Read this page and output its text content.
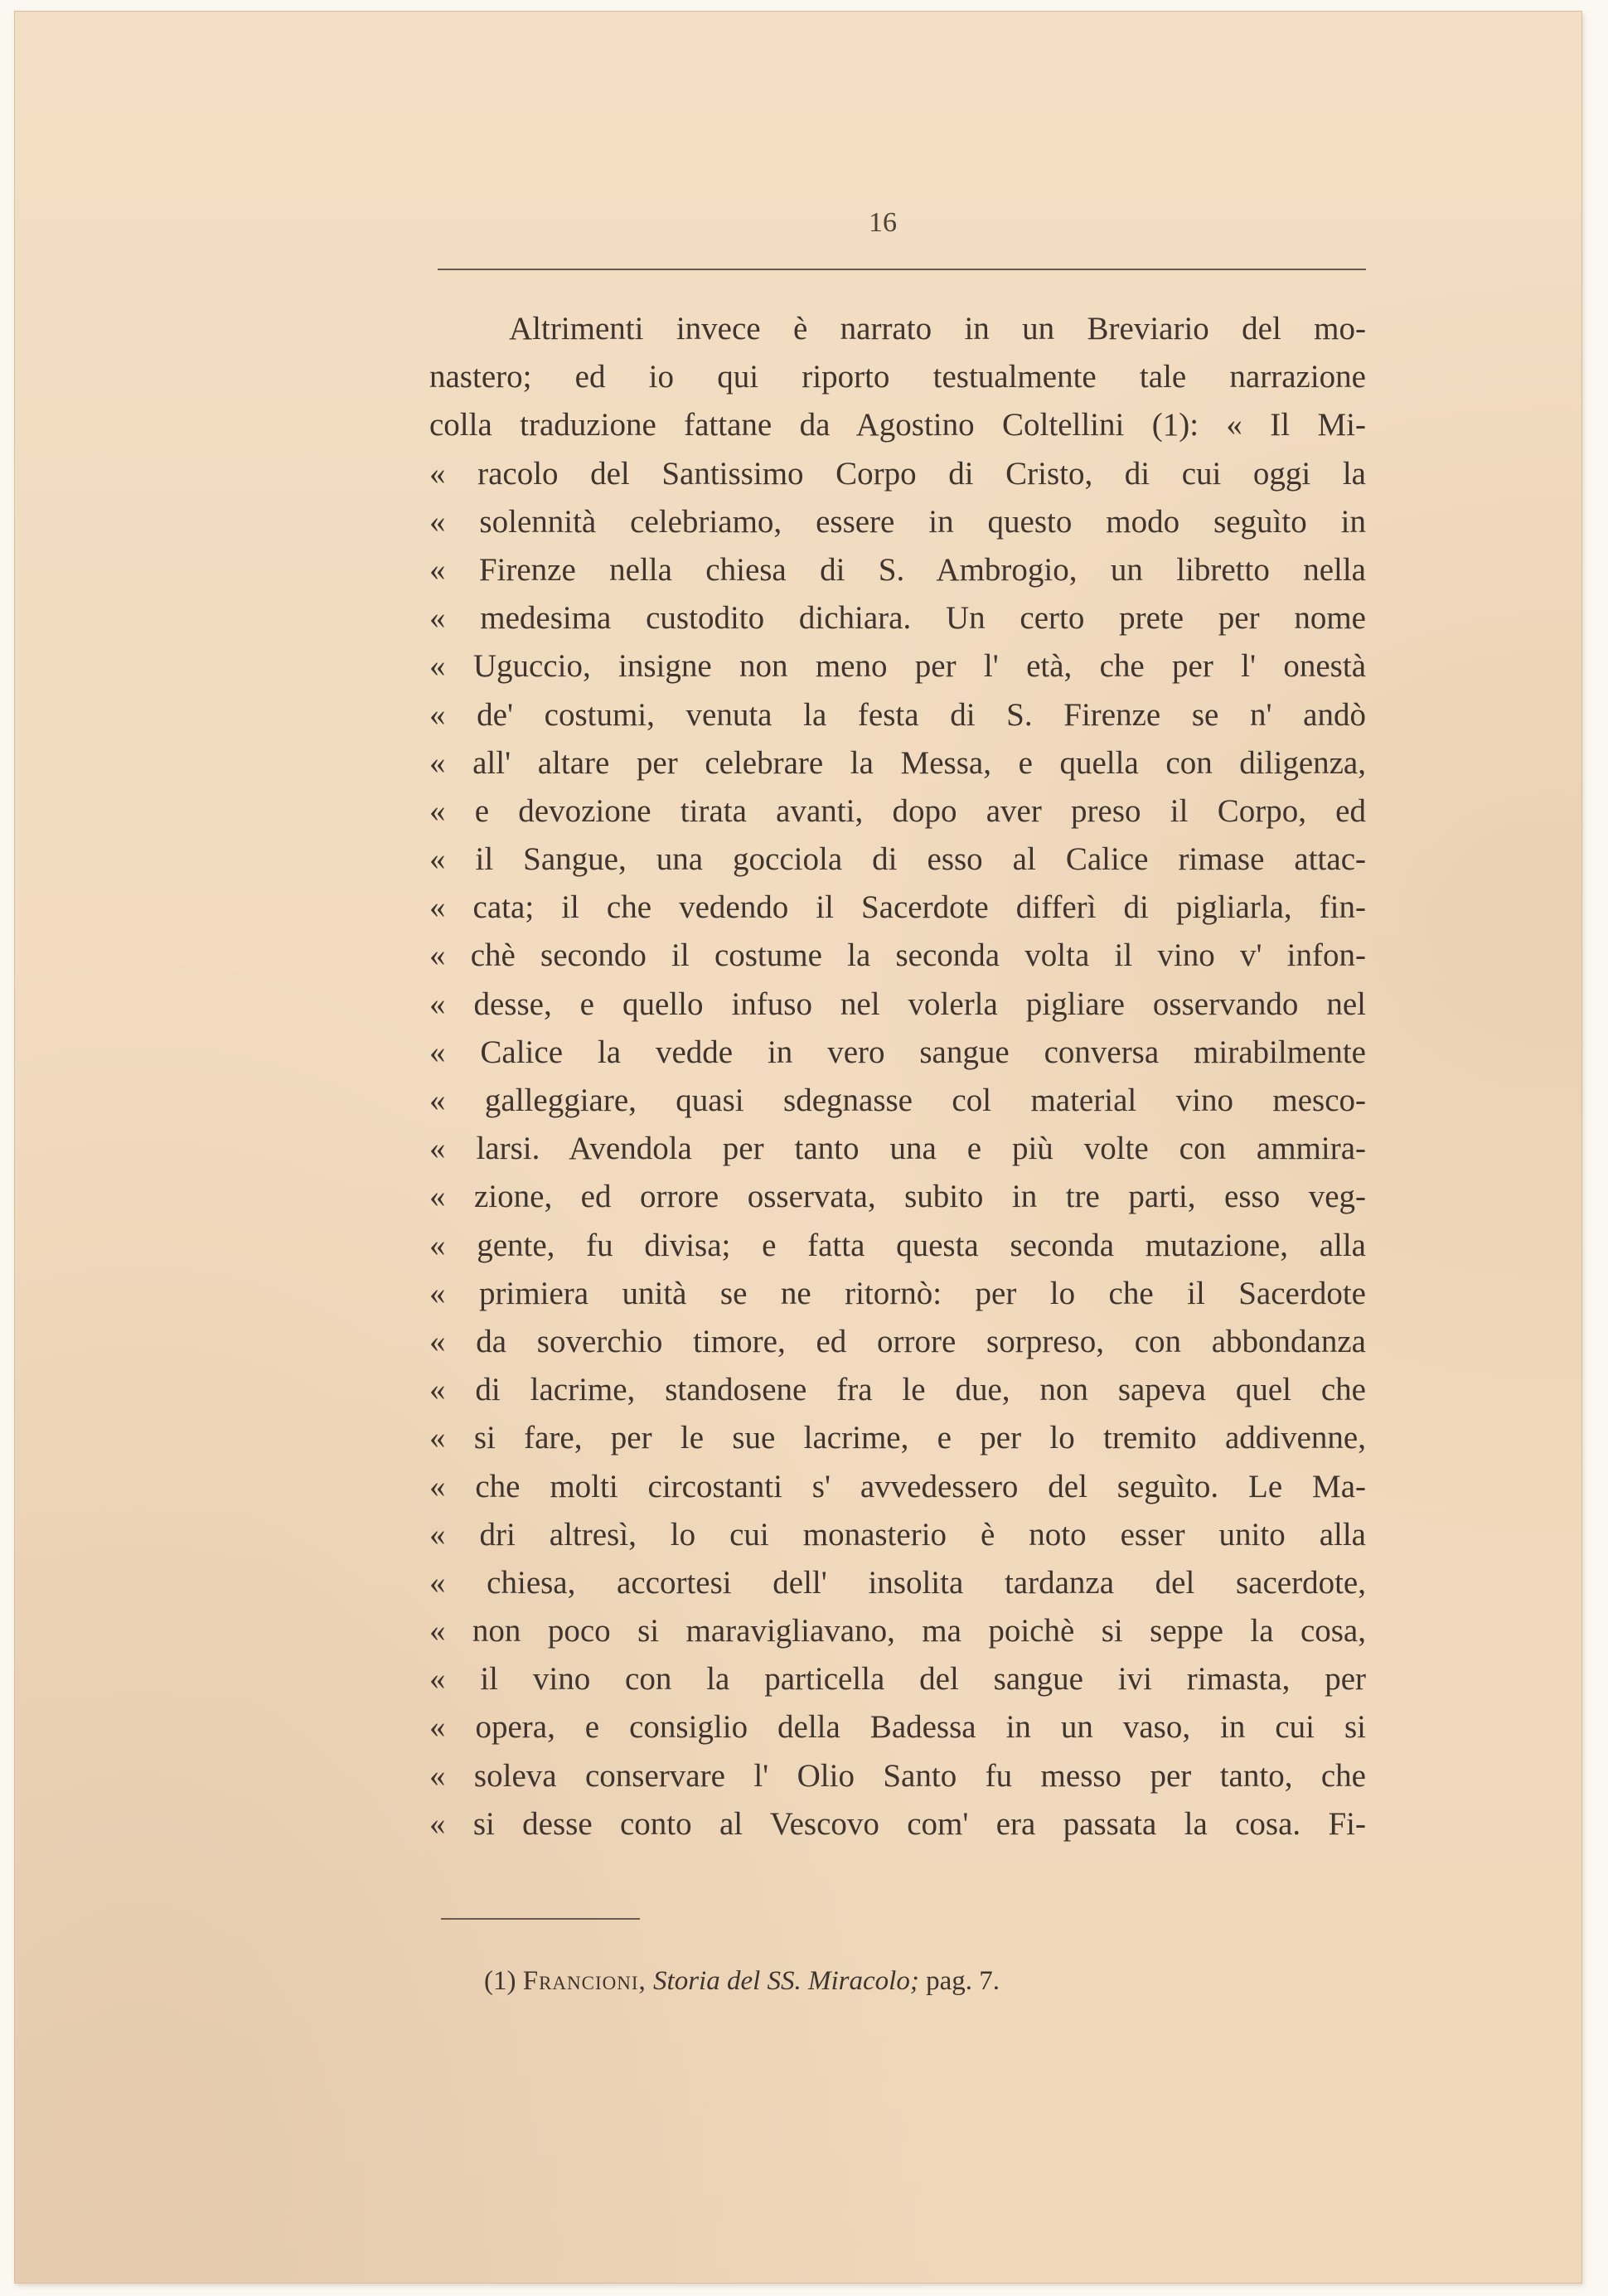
16
Altrimenti invece è narrato in un Breviario del mo-
nastero; ed io qui riporto testualmente tale narrazione
colla traduzione fattane da Agostino Coltellini (1): « Il Mi-
« racolo del Santissimo Corpo di Cristo, di cui oggi la
« solennità celebriamo, essere in questo modo seguìto in
« Firenze nella chiesa di S. Ambrogio, un libretto nella
« medesima custodito dichiara. Un certo prete per nome
« Uguccio, insigne non meno per l' età, che per l' onestà
« de' costumi, venuta la festa di S. Firenze se n' andò
« all' altare per celebrare la Messa, e quella con diligenza,
« e devozione tirata avanti, dopo aver preso il Corpo, ed
« il Sangue, una gocciola di esso al Calice rimase attac-
« cata; il che vedendo il Sacerdote differì di pigliarla, fin-
« chè secondo il costume la seconda volta il vino v' infon-
« desse, e quello infuso nel volerla pigliare osservando nel
« Calice la vedde in vero sangue conversa mirabilmente
« galleggiare, quasi sdegnasse col material vino mesco-
« larsi. Avendola per tanto una e più volte con ammira-
« zione, ed orrore osservata, subito in tre parti, esso veg-
« gente, fu divisa; e fatta questa seconda mutazione, alla
« primiera unità se ne ritornò: per lo che il Sacerdote
« da soverchio timore, ed orrore sorpreso, con abbondanza
« di lacrime, standosene fra le due, non sapeva quel che
« si fare, per le sue lacrime, e per lo tremito addivenne,
« che molti circostanti s' avvedessero del seguìto. Le Ma-
« dri altresì, lo cui monasterio è noto esser unito alla
« chiesa, accortesi dell' insolita tardanza del sacerdote,
« non poco si maravigliavano, ma poichè si seppe la cosa,
« il vino con la particella del sangue ivi rimasta, per
« opera, e consiglio della Badessa in un vaso, in cui si
« soleva conservare l' Olio Santo fu messo per tanto, che
« si desse conto al Vescovo com' era passata la cosa. Fi-
(1) Francioni, Storia del SS. Miracolo; pag. 7.
